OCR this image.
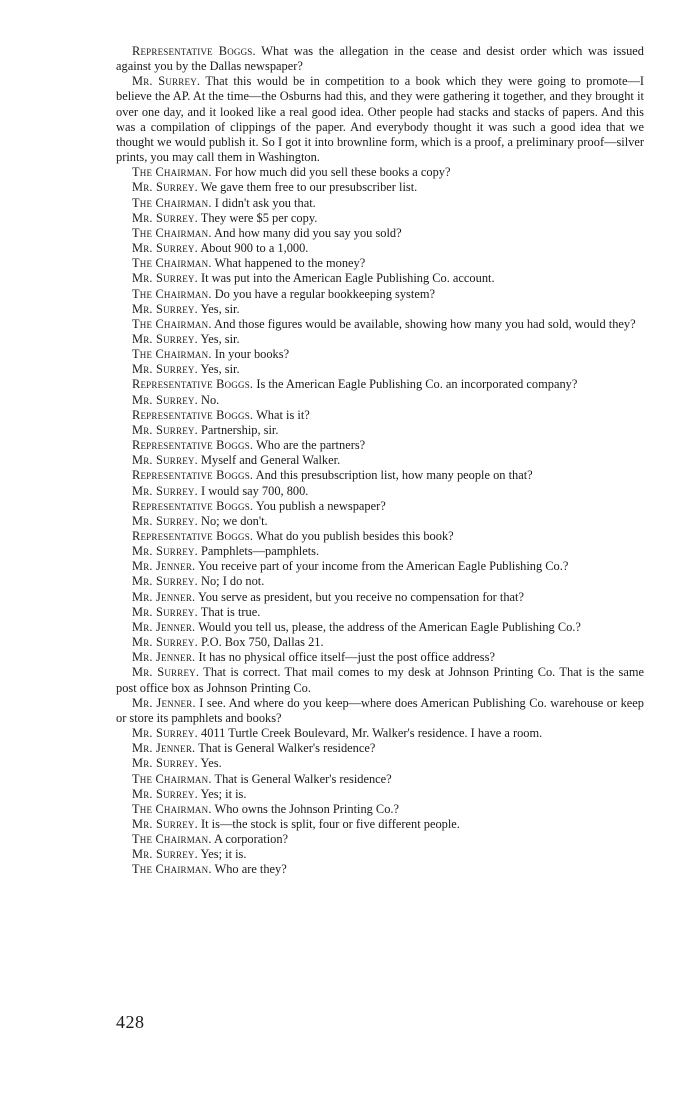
Representative Boggs. What was the allegation in the cease and desist order which was issued against you by the Dallas newspaper?

Mr. Surrey. That this would be in competition to a book which they were going to promote—I believe the AP. At the time—the Osburns had this, and they were gathering it together, and they brought it over one day, and it looked like a real good idea. Other people had stacks and stacks of papers. And this was a compilation of clippings of the paper. And everybody thought it was such a good idea that we thought we would publish it. So I got it into brownline form, which is a proof, a preliminary proof—silver prints, you may call them in Washington.

The Chairman. For how much did you sell these books a copy?

Mr. Surrey. We gave them free to our presubscriber list.

The Chairman. I didn't ask you that.

Mr. Surrey. They were $5 per copy.

The Chairman. And how many did you say you sold?

Mr. Surrey. About 900 to a 1,000.

The Chairman. What happened to the money?

Mr. Surrey. It was put into the American Eagle Publishing Co. account.

The Chairman. Do you have a regular bookkeeping system?

Mr. Surrey. Yes, sir.

The Chairman. And those figures would be available, showing how many you had sold, would they?

Mr. Surrey. Yes, sir.

The Chairman. In your books?

Mr. Surrey. Yes, sir.

Representative Boggs. Is the American Eagle Publishing Co. an incorporated company?

Mr. Surrey. No.

Representative Boggs. What is it?

Mr. Surrey. Partnership, sir.

Representative Boggs. Who are the partners?

Mr. Surrey. Myself and General Walker.

Representative Boggs. And this presubscription list, how many people on that?

Mr. Surrey. I would say 700, 800.

Representative Boggs. You publish a newspaper?

Mr. Surrey. No; we don't.

Representative Boggs. What do you publish besides this book?

Mr. Surrey. Pamphlets—pamphlets.

Mr. Jenner. You receive part of your income from the American Eagle Publishing Co.?

Mr. Surrey. No; I do not.

Mr. Jenner. You serve as president, but you receive no compensation for that?

Mr. Surrey. That is true.

Mr. Jenner. Would you tell us, please, the address of the American Eagle Publishing Co.?

Mr. Surrey. P.O. Box 750, Dallas 21.

Mr. Jenner. It has no physical office itself—just the post office address?

Mr. Surrey. That is correct. That mail comes to my desk at Johnson Printing Co. That is the same post office box as Johnson Printing Co.

Mr. Jenner. I see. And where do you keep—where does American Publishing Co. warehouse or keep or store its pamphlets and books?

Mr. Surrey. 4011 Turtle Creek Boulevard, Mr. Walker's residence. I have a room.

Mr. Jenner. That is General Walker's residence?

Mr. Surrey. Yes.

The Chairman. That is General Walker's residence?

Mr. Surrey. Yes; it is.

The Chairman. Who owns the Johnson Printing Co.?

Mr. Surrey. It is—the stock is split, four or five different people.

The Chairman. A corporation?

Mr. Surrey. Yes; it is.

The Chairman. Who are they?

428
